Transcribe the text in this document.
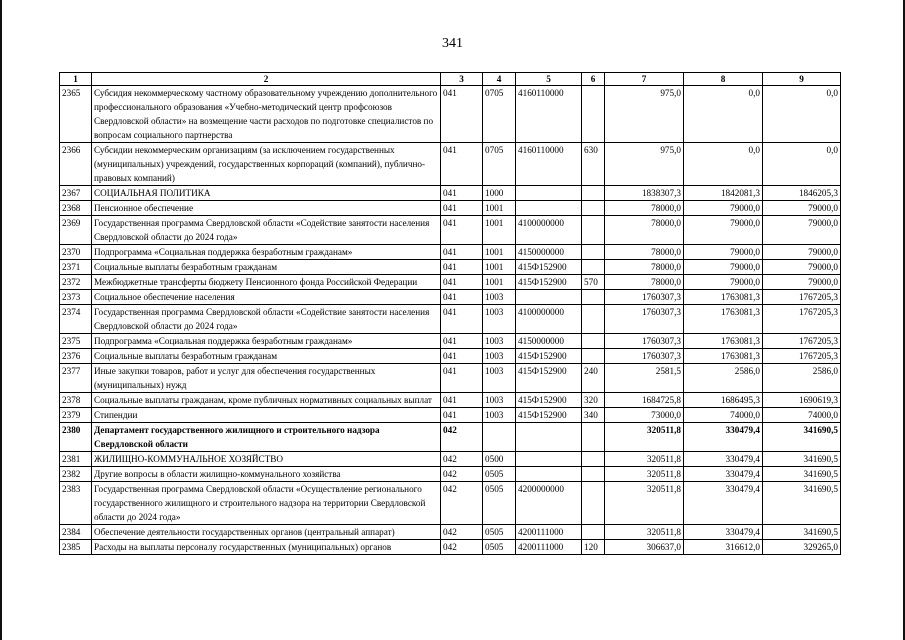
341
1	2	3	4	5	6	7	8	9
2365	Субсидия некоммерческому частному образовательному учреждению дополнительного профессионального образования «Учебно-методический центр профсоюзов Свердловской области» на возмещение части расходов по подготовке специалистов по вопросам социального партнерства	041	0705	4160110000		975,0	0,0	0,0
2366	Субсидии некоммерческим организациям (за исключением государственных (муниципальных) учреждений, государственных корпораций (компаний), публично-правовых компаний)	041	0705	4160110000	630	975,0	0,0	0,0
2367	СОЦИАЛЬНАЯ ПОЛИТИКА	041	1000			1838307,3	1842081,3	1846205,3
2368	Пенсионное обеспечение	041	1001			78000,0	79000,0	79000,0
2369	Государственная программа Свердловской области «Содействие занятости населения Свердловской области до 2024 года»	041	1001	4100000000		78000,0	79000,0	79000,0
2370	Подпрограмма «Социальная поддержка безработным гражданам»	041	1001	4150000000		78000,0	79000,0	79000,0
2371	Социальные выплаты безработным гражданам	041	1001	415Ф152900		78000,0	79000,0	79000,0
2372	Межбюджетные трансферты бюджету Пенсионного фонда Российской Федерации	041	1001	415Ф152900	570	78000,0	79000,0	79000,0
2373	Социальное обеспечение населения	041	1003			1760307,3	1763081,3	1767205,3
2374	Государственная программа Свердловской области «Содействие занятости населения Свердловской области до 2024 года»	041	1003	4100000000		1760307,3	1763081,3	1767205,3
2375	Подпрограмма «Социальная поддержка безработным гражданам»	041	1003	4150000000		1760307,3	1763081,3	1767205,3
2376	Социальные выплаты безработным гражданам	041	1003	415Ф152900		1760307,3	1763081,3	1767205,3
2377	Иные закупки товаров, работ и услуг для обеспечения государственных (муниципальных) нужд	041	1003	415Ф152900	240	2581,5	2586,0	2586,0
2378	Социальные выплаты гражданам, кроме публичных нормативных социальных выплат	041	1003	415Ф152900	320	1684725,8	1686495,3	1690619,3
2379	Стипендии	041	1003	415Ф152900	340	73000,0	74000,0	74000,0
2380	Департамент государственного жилищного и строительного надзора Свердловской области	042				320511,8	330479,4	341690,5
2381	ЖИЛИЩНО-КОММУНАЛЬНОЕ ХОЗЯЙСТВО	042	0500			320511,8	330479,4	341690,5
2382	Другие вопросы в области жилищно-коммунального хозяйства	042	0505			320511,8	330479,4	341690,5
2383	Государственная программа Свердловской области «Осуществление регионального государственного жилищного и строительного надзора на территории Свердловской области до 2024 года»	042	0505	4200000000		320511,8	330479,4	341690,5
2384	Обеспечение деятельности государственных органов (центральный аппарат)	042	0505	4200111000		320511,8	330479,4	341690,5
2385	Расходы на выплаты персоналу государственных (муниципальных) органов	042	0505	4200111000	120	306637,0	316612,0	329265,0
